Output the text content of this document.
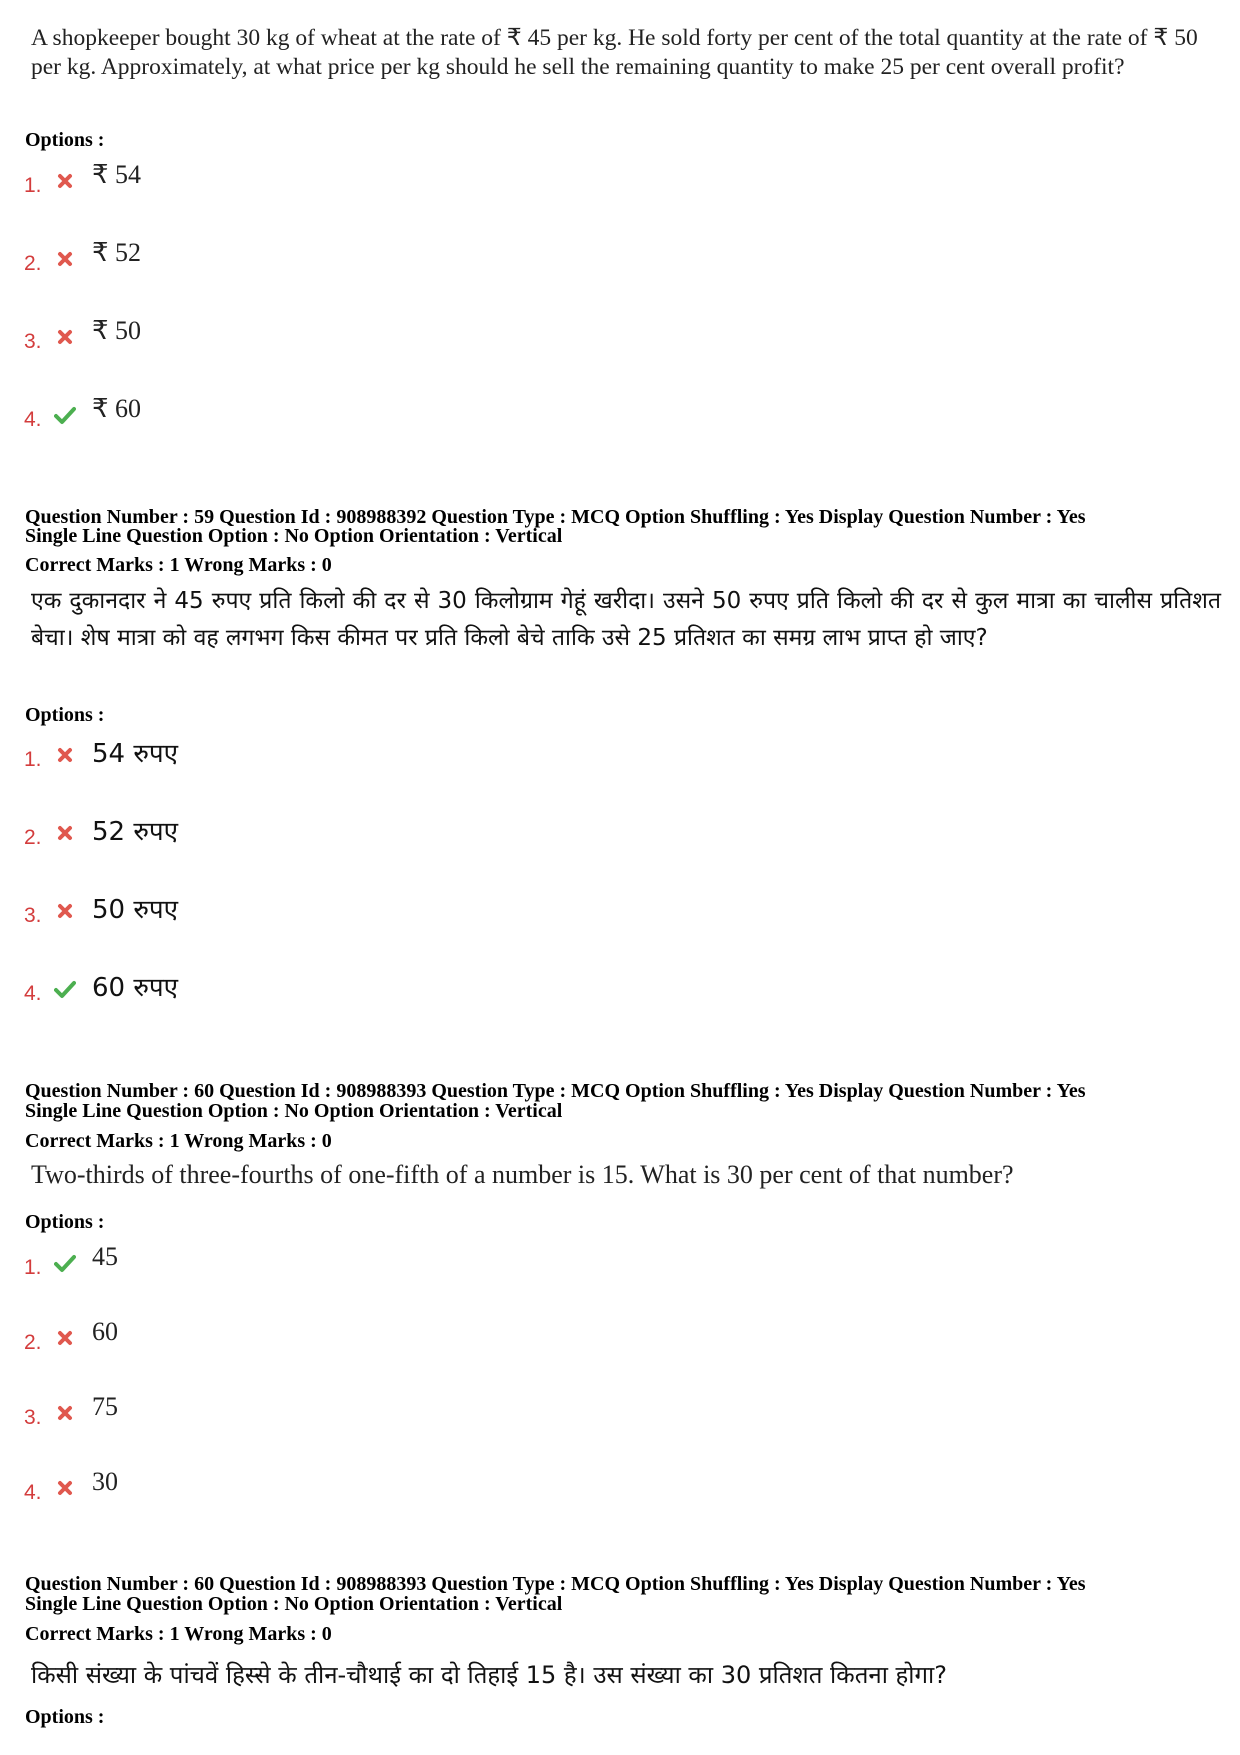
A shopkeeper bought 30 kg of wheat at the rate of ₹ 45 per kg. He sold forty per cent of the total quantity at the rate of ₹ 50 per kg. Approximately, at what price per kg should he sell the remaining quantity to make 25 per cent overall profit?
Options :
1. ₹ 54
2. ₹ 52
3. ₹ 50
4. ₹ 60
Question Number : 59 Question Id : 908988392 Question Type : MCQ Option Shuffling : Yes Display Question Number : Yes
Single Line Question Option : No Option Orientation : Vertical
Correct Marks : 1 Wrong Marks : 0
एक दुकानदार ने 45 रुपए प्रति किलो की दर से 30 किलोग्राम गेहूं खरीदा। उसने 50 रुपए प्रति किलो की दर से कुल मात्रा का चालीस प्रतिशत बेचा। शेष मात्रा को वह लगभग किस कीमत पर प्रति किलो बेचे ताकि उसे 25 प्रतिशत का समग्र लाभ प्राप्त हो जाए?
Options :
1. 54 रुपए
2. 52 रुपए
3. 50 रुपए
4. 60 रुपए
Question Number : 60 Question Id : 908988393 Question Type : MCQ Option Shuffling : Yes Display Question Number : Yes
Single Line Question Option : No Option Orientation : Vertical
Correct Marks : 1 Wrong Marks : 0
Two-thirds of three-fourths of one-fifth of a number is 15. What is 30 per cent of that number?
Options :
1. 45
2. 60
3. 75
4. 30
Question Number : 60 Question Id : 908988393 Question Type : MCQ Option Shuffling : Yes Display Question Number : Yes
Single Line Question Option : No Option Orientation : Vertical
Correct Marks : 1 Wrong Marks : 0
किसी संख्या के पांचवें हिस्से के तीन-चौथाई का दो तिहाई 15 है। उस संख्या का 30 प्रतिशत कितना होगा?
Options :
